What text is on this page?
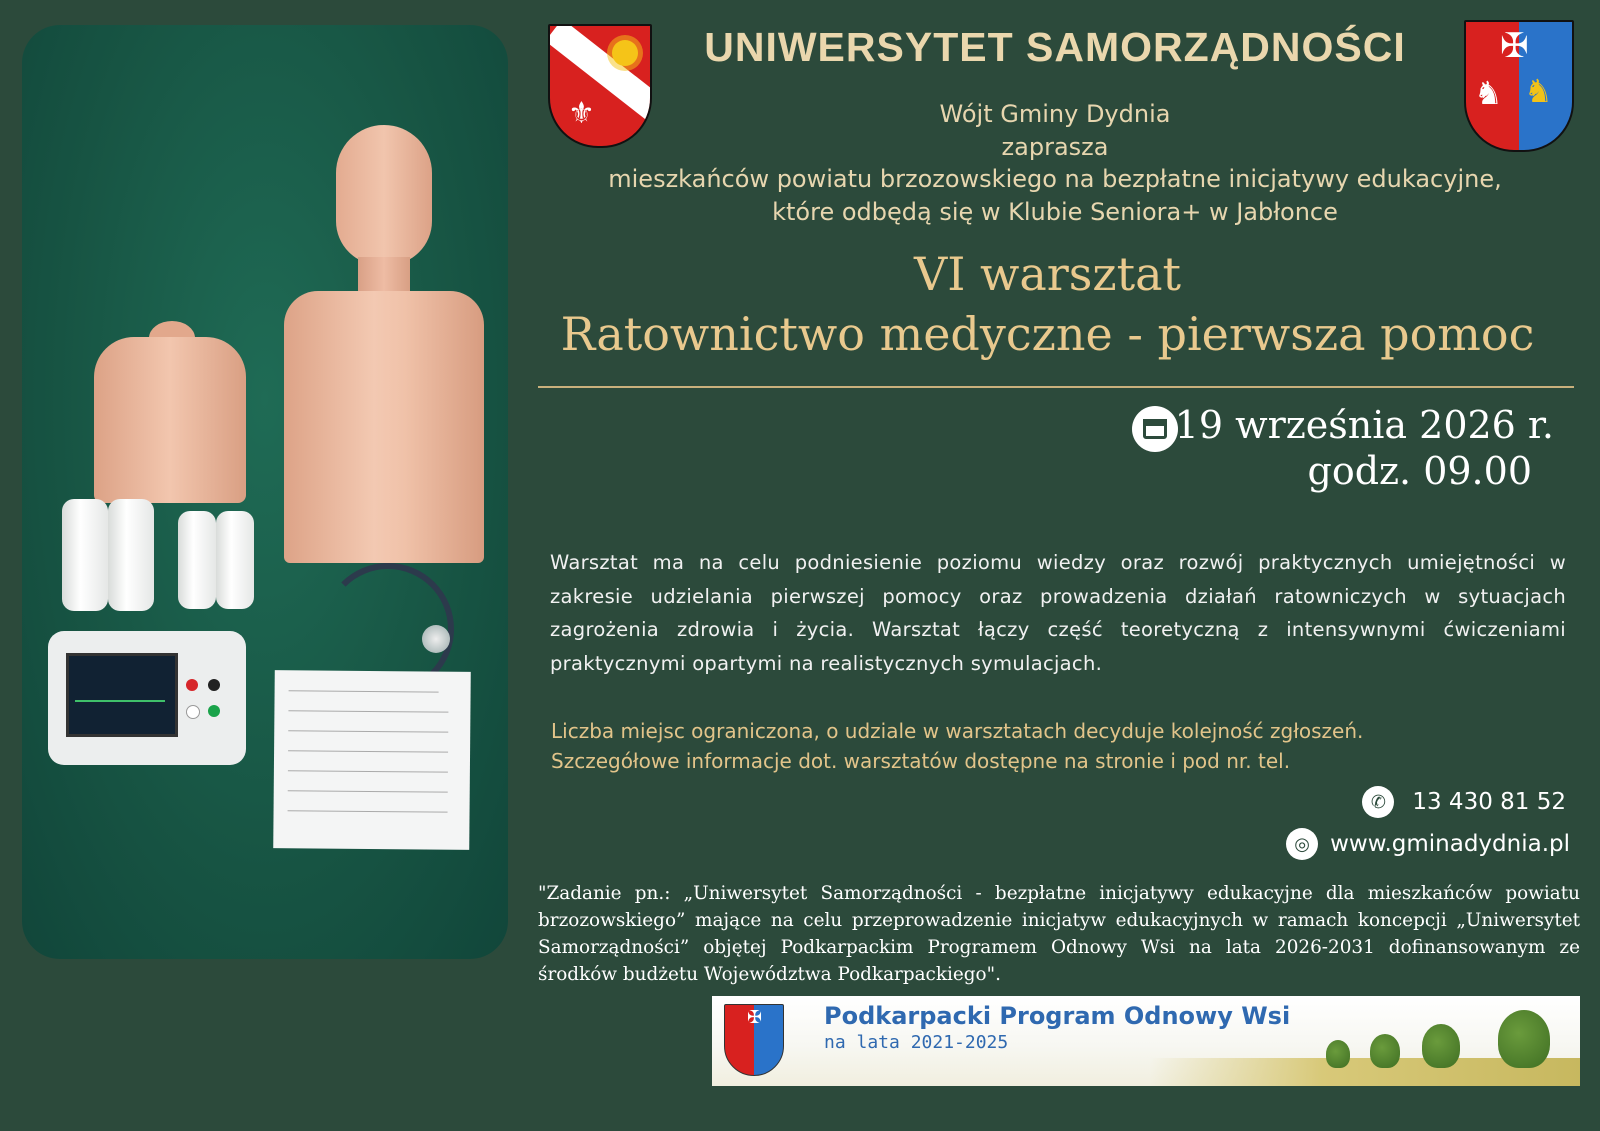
⚜
✠
♞ ♞
UNIWERSYTET SAMORZĄDNOŚCI
Wójt Gminy Dydnia
zaprasza
mieszkańców powiatu brzozowskiego na bezpłatne inicjatywy edukacyjne,
które odbędą się w Klubie Seniora+ w Jabłonce
VI warsztat
Ratownictwo medyczne - pierwsza pomoc
19 września 2026 r.
godz. 09.00
Warsztat ma na celu podniesienie poziomu wiedzy oraz rozwój praktycznych umiejętności w zakresie udzielania pierwszej pomocy oraz prowadzenia działań ratowniczych w sytuacjach zagrożenia zdrowia i życia. Warsztat łączy część teoretyczną z intensywnymi ćwiczeniami praktycznymi opartymi na realistycznych symulacjach.
Liczba miejsc ograniczona, o udziale w warsztatach decyduje kolejność zgłoszeń.
Szczegółowe informacje dot. warsztatów dostępne na stronie i pod nr. tel.
✆	13 430 81 52
◎ www.gminadydnia.pl
"Zadanie pn.: „Uniwersytet Samorządności - bezpłatne inicjatywy edukacyjne dla mieszkańców powiatu brzozowskiego” mające na celu przeprowadzenie inicjatyw edukacyjnych w ramach koncepcji „Uniwersytet Samorządności” objętej Podkarpackim Programem Odnowy Wsi na lata 2026-2031 dofinansowanym ze środków budżetu Województwa Podkarpackiego".
✠	Podkarpacki Program Odnowy Wsi
na lata 2021-2025
